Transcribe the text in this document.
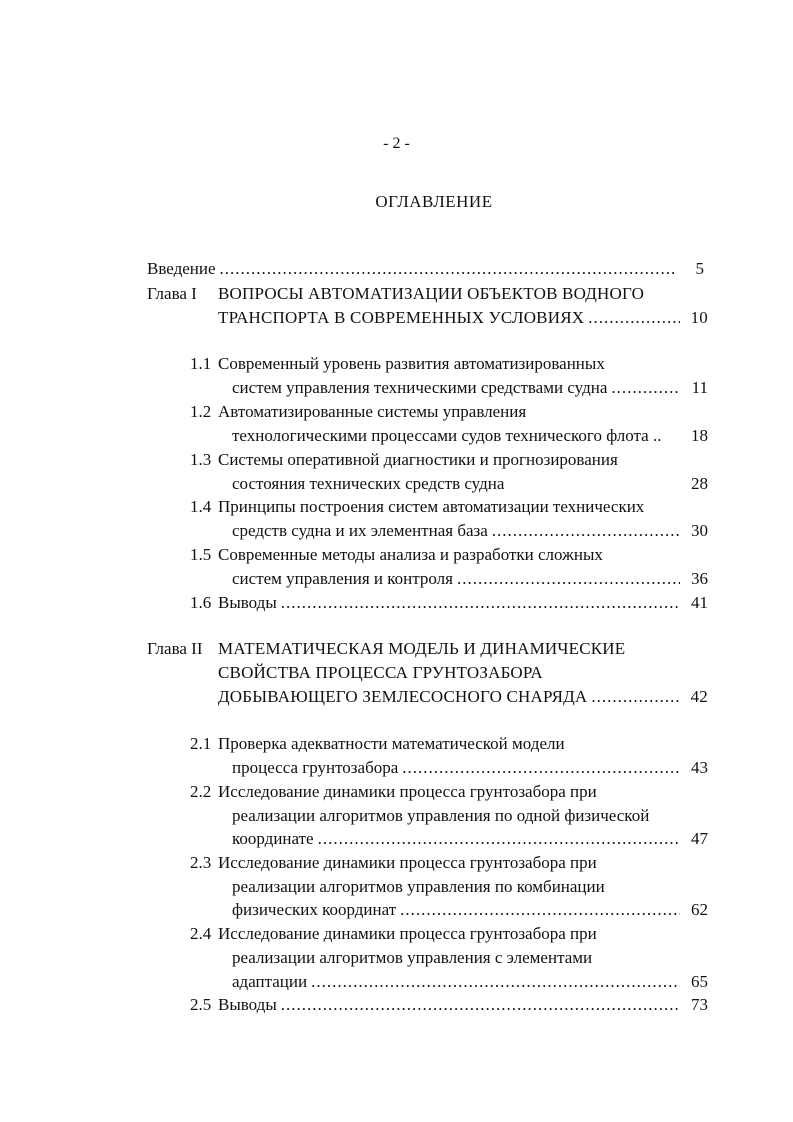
- 2 -
ОГЛАВЛЕНИЕ
Введение .....	5
Глава I ВОПРОСЫ АВТОМАТИЗАЦИИ ОБЪЕКТОВ ВОДНОГО
ТРАНСПОРТА В СОВРЕМЕННЫХ УСЛОВИЯХ .....	10
1.1 Современный уровень развития автоматизированных
систем управления техническими средствами судна .....	11
1.2 Автоматизированные системы управления
технологическими процессами судов технического флота .. 18
1.3 Системы оперативной диагностики и прогнозирования
состояния технических средств судна	28
1.4 Принципы построения систем автоматизации технических
средств судна и их элементная база .....	30
1.5 Современные методы анализа и разработки сложных
систем управления и контроля .....	36
1.6 Выводы .....	41
Глава II МАТЕМАТИЧЕСКАЯ МОДЕЛЬ И ДИНАМИЧЕСКИЕ
СВОЙСТВА ПРОЦЕССА ГРУНТОЗАБОРА
ДОБЫВАЮЩЕГО ЗЕМЛЕСОСНОГО СНАРЯДА .....	42
2.1 Проверка адекватности математической модели
процесса грунтозабора .....	43
2.2 Исследование динамики процесса грунтозабора при
реализации алгоритмов управления по одной физической
координате .....	47
2.3 Исследование динамики процесса грунтозабора при
реализации алгоритмов управления по комбинации
физических координат .....	62
2.4 Исследование динамики процесса грунтозабора при
реализации алгоритмов управления с элементами
адаптации .....	65
2.5 Выводы .....	73
